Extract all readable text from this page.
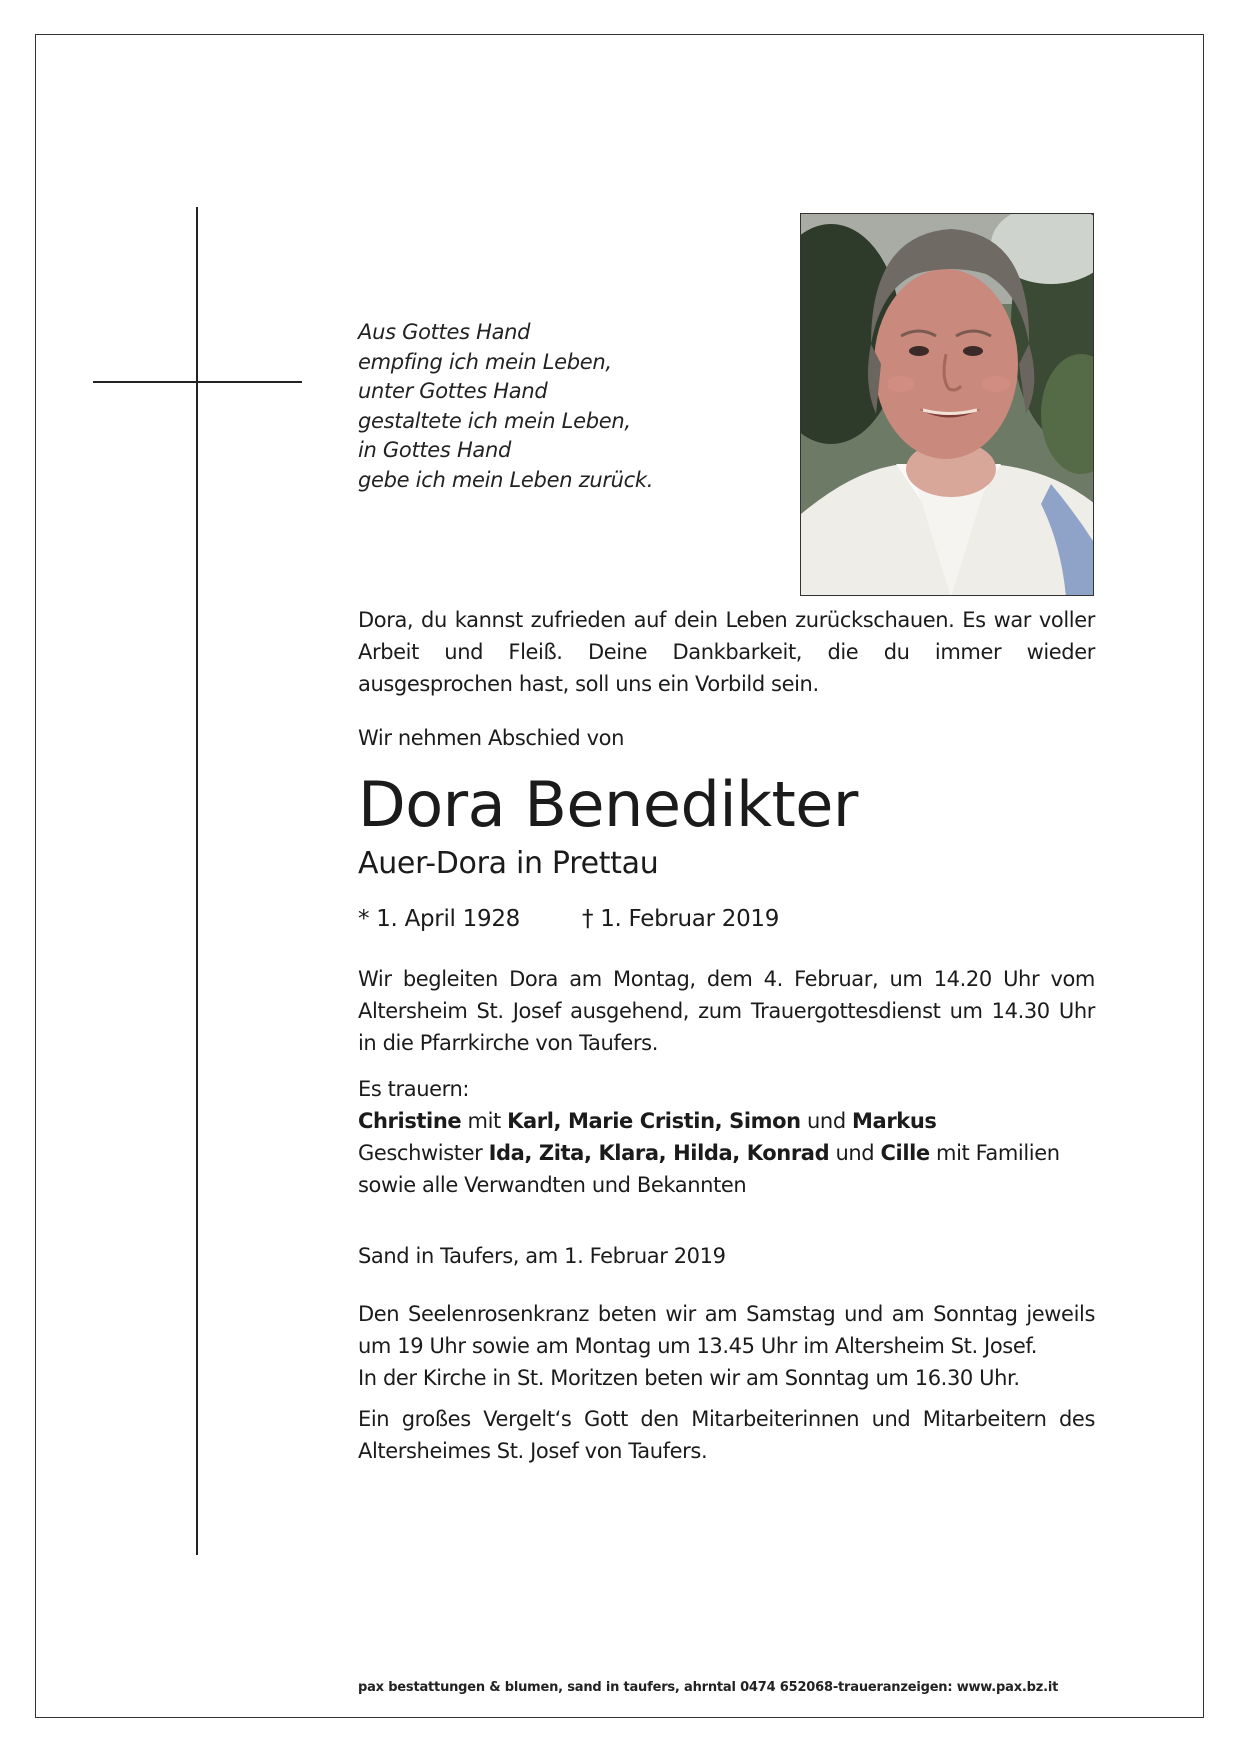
Aus Gottes Hand
empfing ich mein Leben,
unter Gottes Hand
gestaltete ich mein Leben,
in Gottes Hand
gebe ich mein Leben zurück.
Dora, du kannst zufrieden auf dein Leben zurückschauen. Es war voller Arbeit und Fleiß. Deine Dankbarkeit, die du immer wieder ausgesprochen hast, soll uns ein Vorbild sein.
Wir nehmen Abschied von
Dora Benedikter
Auer-Dora in Prettau
* 1. April 1928	† 1. Februar 2019
Wir begleiten Dora am Montag, dem 4. Februar, um 14.20 Uhr vom Altersheim St. Josef ausgehend, zum Trauergottesdienst um 14.30 Uhr in die Pfarrkirche von Taufers.
Es trauern:
Christine mit Karl, Marie Cristin, Simon und Markus
Geschwister Ida, Zita, Klara, Hilda, Konrad und Cille mit Familien
sowie alle Verwandten und Bekannten
Sand in Taufers, am 1. Februar 2019
Den Seelenrosenkranz beten wir am Samstag und am Sonntag jeweils um 19 Uhr sowie am Montag um 13.45 Uhr im Altersheim St. Josef.
In der Kirche in St. Moritzen beten wir am Sonntag um 16.30 Uhr.
Ein großes Vergelt‘s Gott den Mitarbeiterinnen und Mitarbeitern des Altersheimes St. Josef von Taufers.
pax bestattungen & blumen, sand in taufers, ahrntal 0474 652068-traueranzeigen: www.pax.bz.it
